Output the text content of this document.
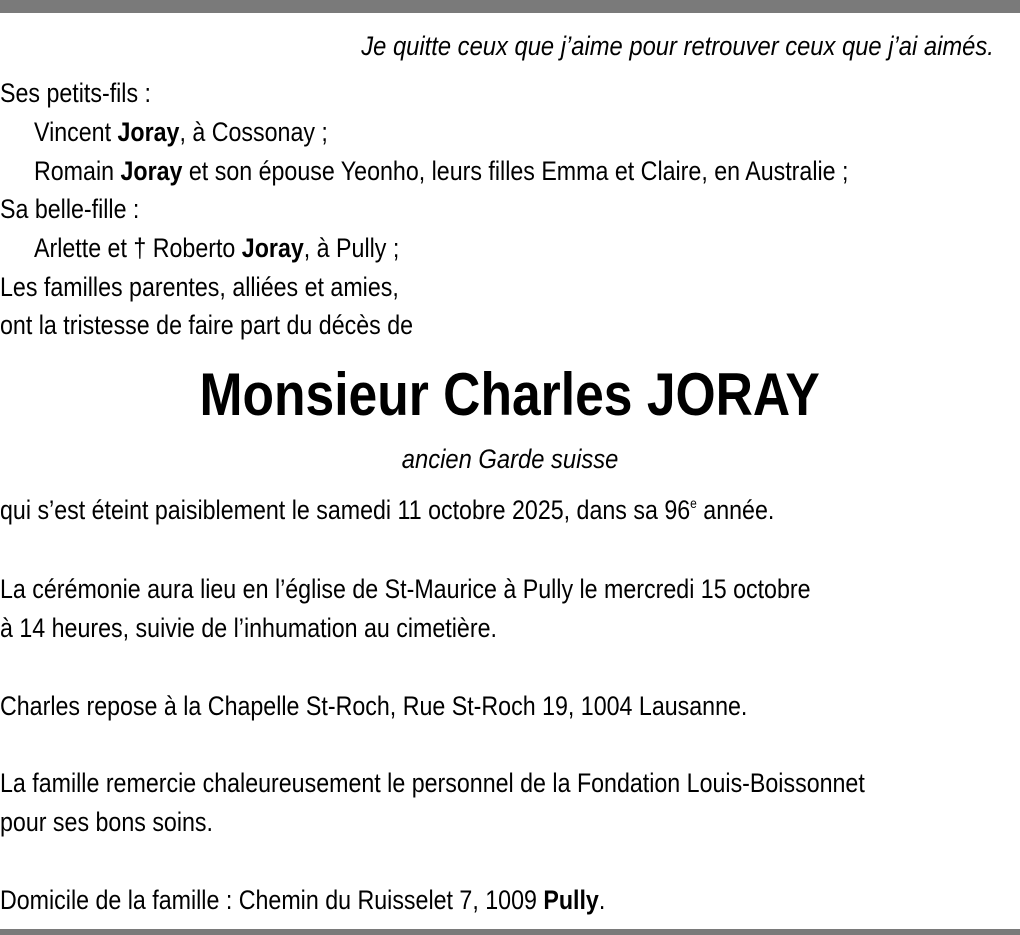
Je quitte ceux que j’aime pour retrouver ceux que j’ai aimés.
Ses petits-fils :
Vincent Joray, à Cossonay ;
Romain Joray et son épouse Yeonho, leurs filles Emma et Claire, en Australie ;
Sa belle-fille :
Arlette et † Roberto Joray, à Pully ;
Les familles parentes, alliées et amies,
ont la tristesse de faire part du décès de
Monsieur Charles JORAY
ancien Garde suisse
qui s’est éteint paisiblement le samedi 11 octobre 2025, dans sa 96e année.
La cérémonie aura lieu en l’église de St-Maurice à Pully le mercredi 15 octobre
à 14 heures, suivie de l’inhumation au cimetière.
Charles repose à la Chapelle St-Roch, Rue St-Roch 19, 1004 Lausanne.
La famille remercie chaleureusement le personnel de la Fondation Louis-Boissonnet
pour ses bons soins.
Domicile de la famille : Chemin du Ruisselet 7, 1009 Pully.
